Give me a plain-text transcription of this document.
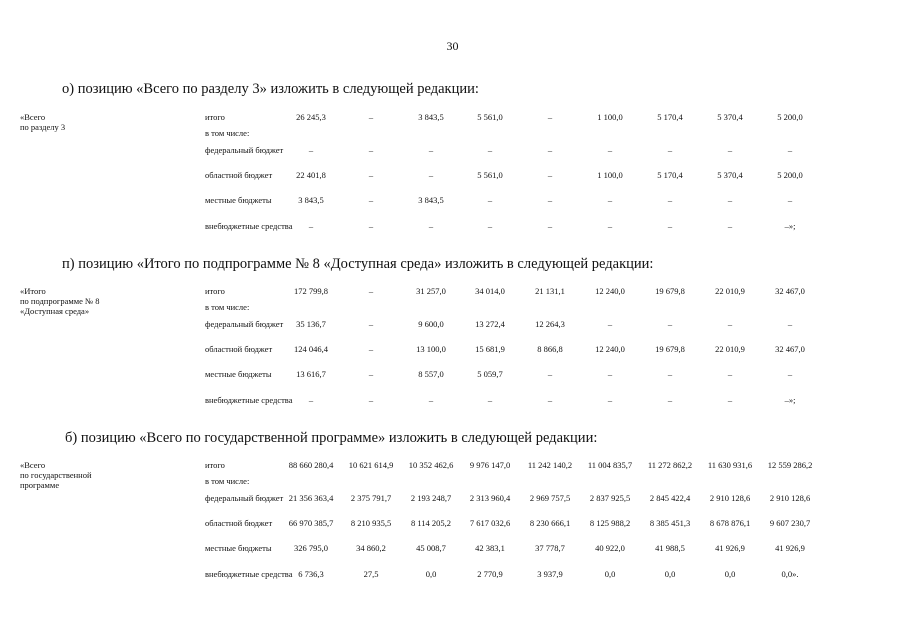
30
о) позицию «Всего по разделу 3» изложить в следующей редакции:
«Всего
по разделу 3
итого	26 245,3	–	3 843,5	5 561,0	–	1 100,0	5 170,4	5 370,4	5 200,0
в том числе:
федеральный бюджет	–	–	–	–	–	–	–	–	–
областной бюджет	22 401,8	–	–	5 561,0	–	1 100,0	5 170,4	5 370,4	5 200,0
местные бюджеты	3 843,5	–	3 843,5	–	–	–	–	–	–
внебюджетные средства	–	–	–	–	–	–	–	–	–»;
п) позицию «Итого по подпрограмме № 8 «Доступная среда» изложить в следующей редакции:
«Итого
по подпрограмме № 8
«Доступная среда»
итого	172 799,8	–	31 257,0	34 014,0	21 131,1	12 240,0	19 679,8	22 010,9	32 467,0
в том числе:
федеральный бюджет	35 136,7	–	9 600,0	13 272,4	12 264,3	–	–	–	–
областной бюджет	124 046,4	–	13 100,0	15 681,9	8 866,8	12 240,0	19 679,8	22 010,9	32 467,0
местные бюджеты	13 616,7	–	8 557,0	5 059,7	–	–	–	–	–
внебюджетные средства	–	–	–	–	–	–	–	–	–»;
б) позицию «Всего по государственной программе» изложить в следующей редакции:
«Всего
по государственной
программе
итого	88 660 280,4	10 621 614,9	10 352 462,6	9 976 147,0	11 242 140,2	11 004 835,7	11 272 862,2	11 630 931,6	12 559 286,2
в том числе:
федеральный бюджет 21 356 363,4	2 375 791,7	2 193 248,7	2 313 960,4	2 969 757,5	2 837 925,5	2 845 422,4	2 910 128,6	2 910 128,6
областной бюджет	66 970 385,7	8 210 935,5	8 114 205,2	7 617 032,6	8 230 666,1	8 125 988,2	8 385 451,3	8 678 876,1	9 607 230,7
местные бюджеты	326 795,0	34 860,2	45 008,7	42 383,1	37 778,7	40 922,0	41 988,5	41 926,9	41 926,9
внебюджетные средства 6 736,3	27,5	0,0	2 770,9	3 937,9	0,0	0,0	0,0	0,0».
